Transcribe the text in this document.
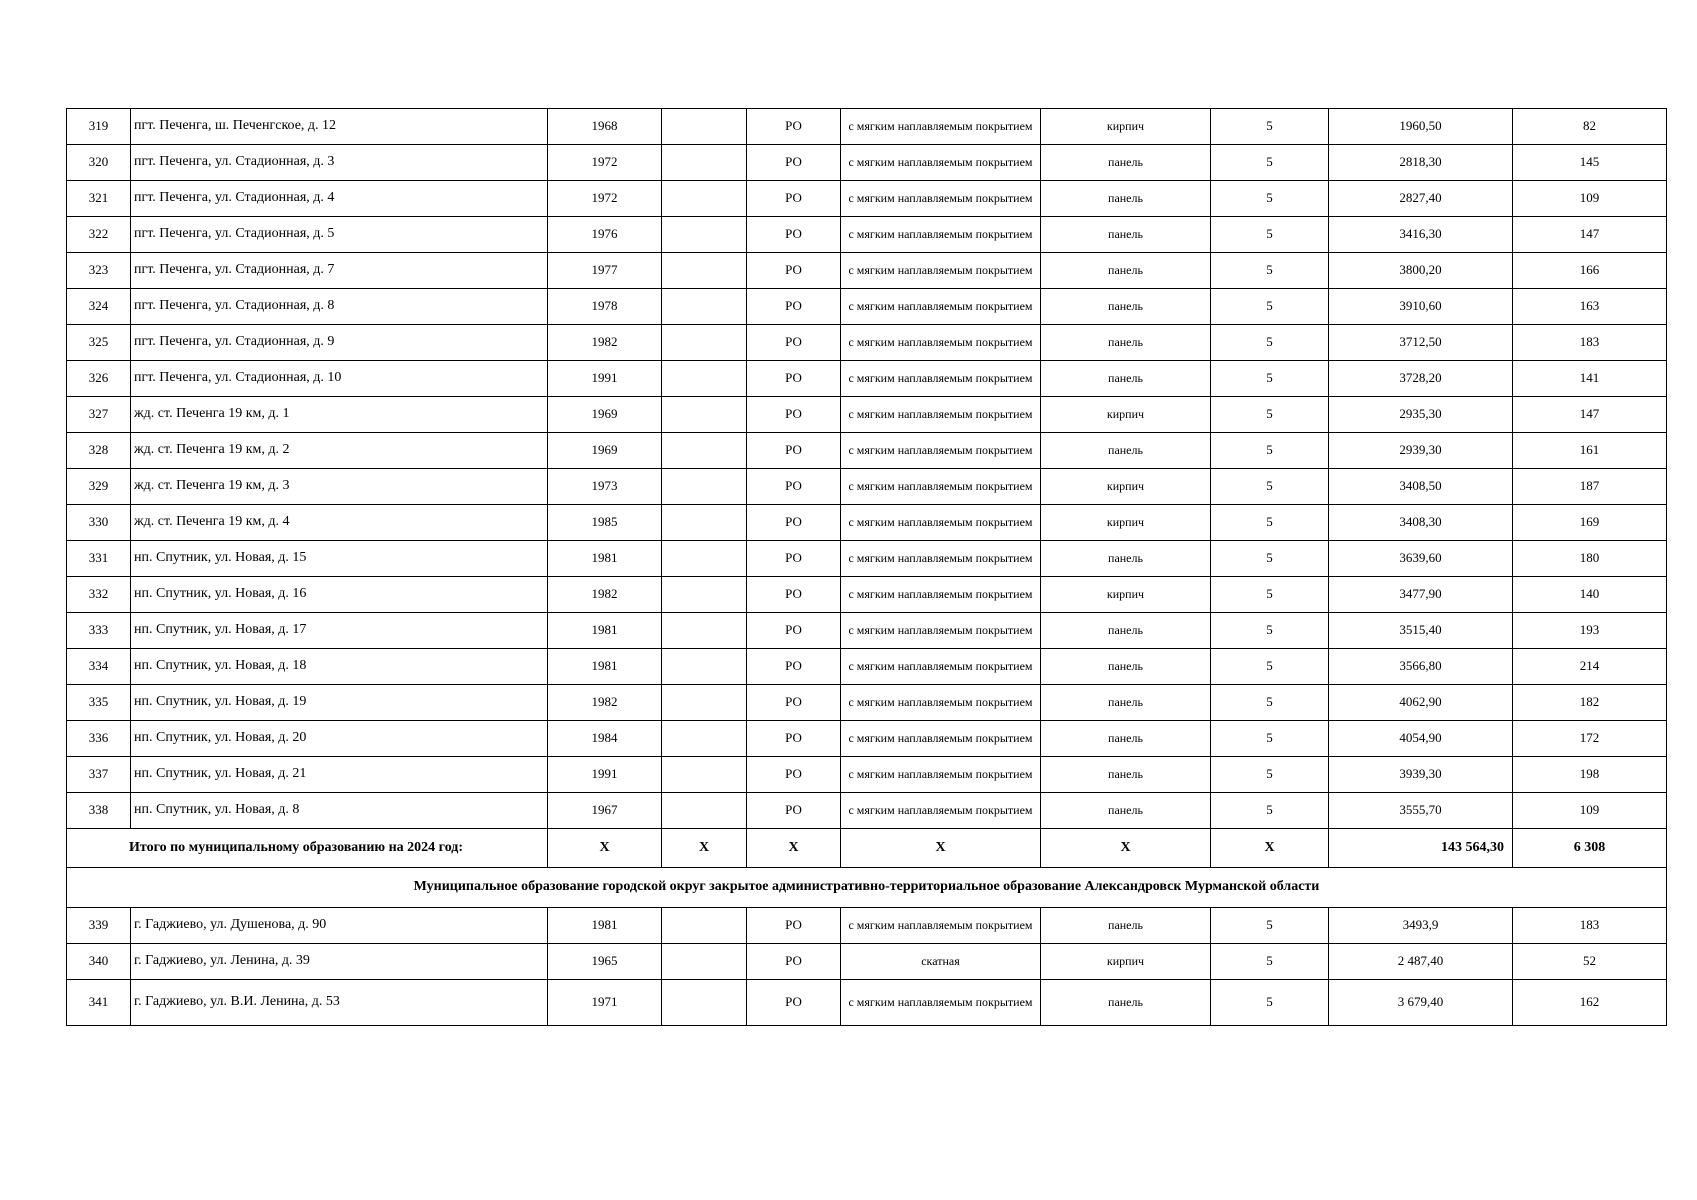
319	пгт. Печенга, ш. Печенгское, д. 12	1968		РО	с мягким наплавляемым покрытием	кирпич	5	1960,50	82
320	пгт. Печенга, ул. Стадионная, д. 3	1972		РО	с мягким наплавляемым покрытием	панель	5	2818,30	145
321	пгт. Печенга, ул. Стадионная, д. 4	1972		РО	с мягким наплавляемым покрытием	панель	5	2827,40	109
322	пгт. Печенга, ул. Стадионная, д. 5	1976		РО	с мягким наплавляемым покрытием	панель	5	3416,30	147
323	пгт. Печенга, ул. Стадионная, д. 7	1977		РО	с мягким наплавляемым покрытием	панель	5	3800,20	166
324	пгт. Печенга, ул. Стадионная, д. 8	1978		РО	с мягким наплавляемым покрытием	панель	5	3910,60	163
325	пгт. Печенга, ул. Стадионная, д. 9	1982		РО	с мягким наплавляемым покрытием	панель	5	3712,50	183
326	пгт. Печенга, ул. Стадионная, д. 10	1991		РО	с мягким наплавляемым покрытием	панель	5	3728,20	141
327	жд. ст. Печенга 19 км, д. 1	1969		РО	с мягким наплавляемым покрытием	кирпич	5	2935,30	147
328	жд. ст. Печенга 19 км, д. 2	1969		РО	с мягким наплавляемым покрытием	панель	5	2939,30	161
329	жд. ст. Печенга 19 км, д. 3	1973		РО	с мягким наплавляемым покрытием	кирпич	5	3408,50	187
330	жд. ст. Печенга 19 км, д. 4	1985		РО	с мягким наплавляемым покрытием	кирпич	5	3408,30	169
331	нп. Спутник, ул. Новая, д. 15	1981		РО	с мягким наплавляемым покрытием	панель	5	3639,60	180
332	нп. Спутник, ул. Новая, д. 16	1982		РО	с мягким наплавляемым покрытием	кирпич	5	3477,90	140
333	нп. Спутник, ул. Новая, д. 17	1981		РО	с мягким наплавляемым покрытием	панель	5	3515,40	193
334	нп. Спутник, ул. Новая, д. 18	1981		РО	с мягким наплавляемым покрытием	панель	5	3566,80	214
335	нп. Спутник, ул. Новая, д. 19	1982		РО	с мягким наплавляемым покрытием	панель	5	4062,90	182
336	нп. Спутник, ул. Новая, д. 20	1984		РО	с мягким наплавляемым покрытием	панель	5	4054,90	172
337	нп. Спутник, ул. Новая, д. 21	1991		РО	с мягким наплавляемым покрытием	панель	5	3939,30	198
338	нп. Спутник, ул. Новая, д. 8	1967		РО	с мягким наплавляемым покрытием	панель	5	3555,70	109
Итого по муниципальному образованию на 2024 год:		X	X	X	X	X	X	143 564,30	6 308
Муниципальное образование городской округ закрытое административно-территориальное образование Александровск Мурманской области									
339	г. Гаджиево, ул. Душенова, д. 90	1981		РО	с мягким наплавляемым покрытием	панель	5	3493,9	183
340	г. Гаджиево, ул. Ленина, д. 39	1965		РО	скатная	кирпич	5	2 487,40	52
341	г. Гаджиево, ул. В.И. Ленина, д. 53	1971		РО	с мягким наплавляемым покрытием	панель	5	3 679,40	162
